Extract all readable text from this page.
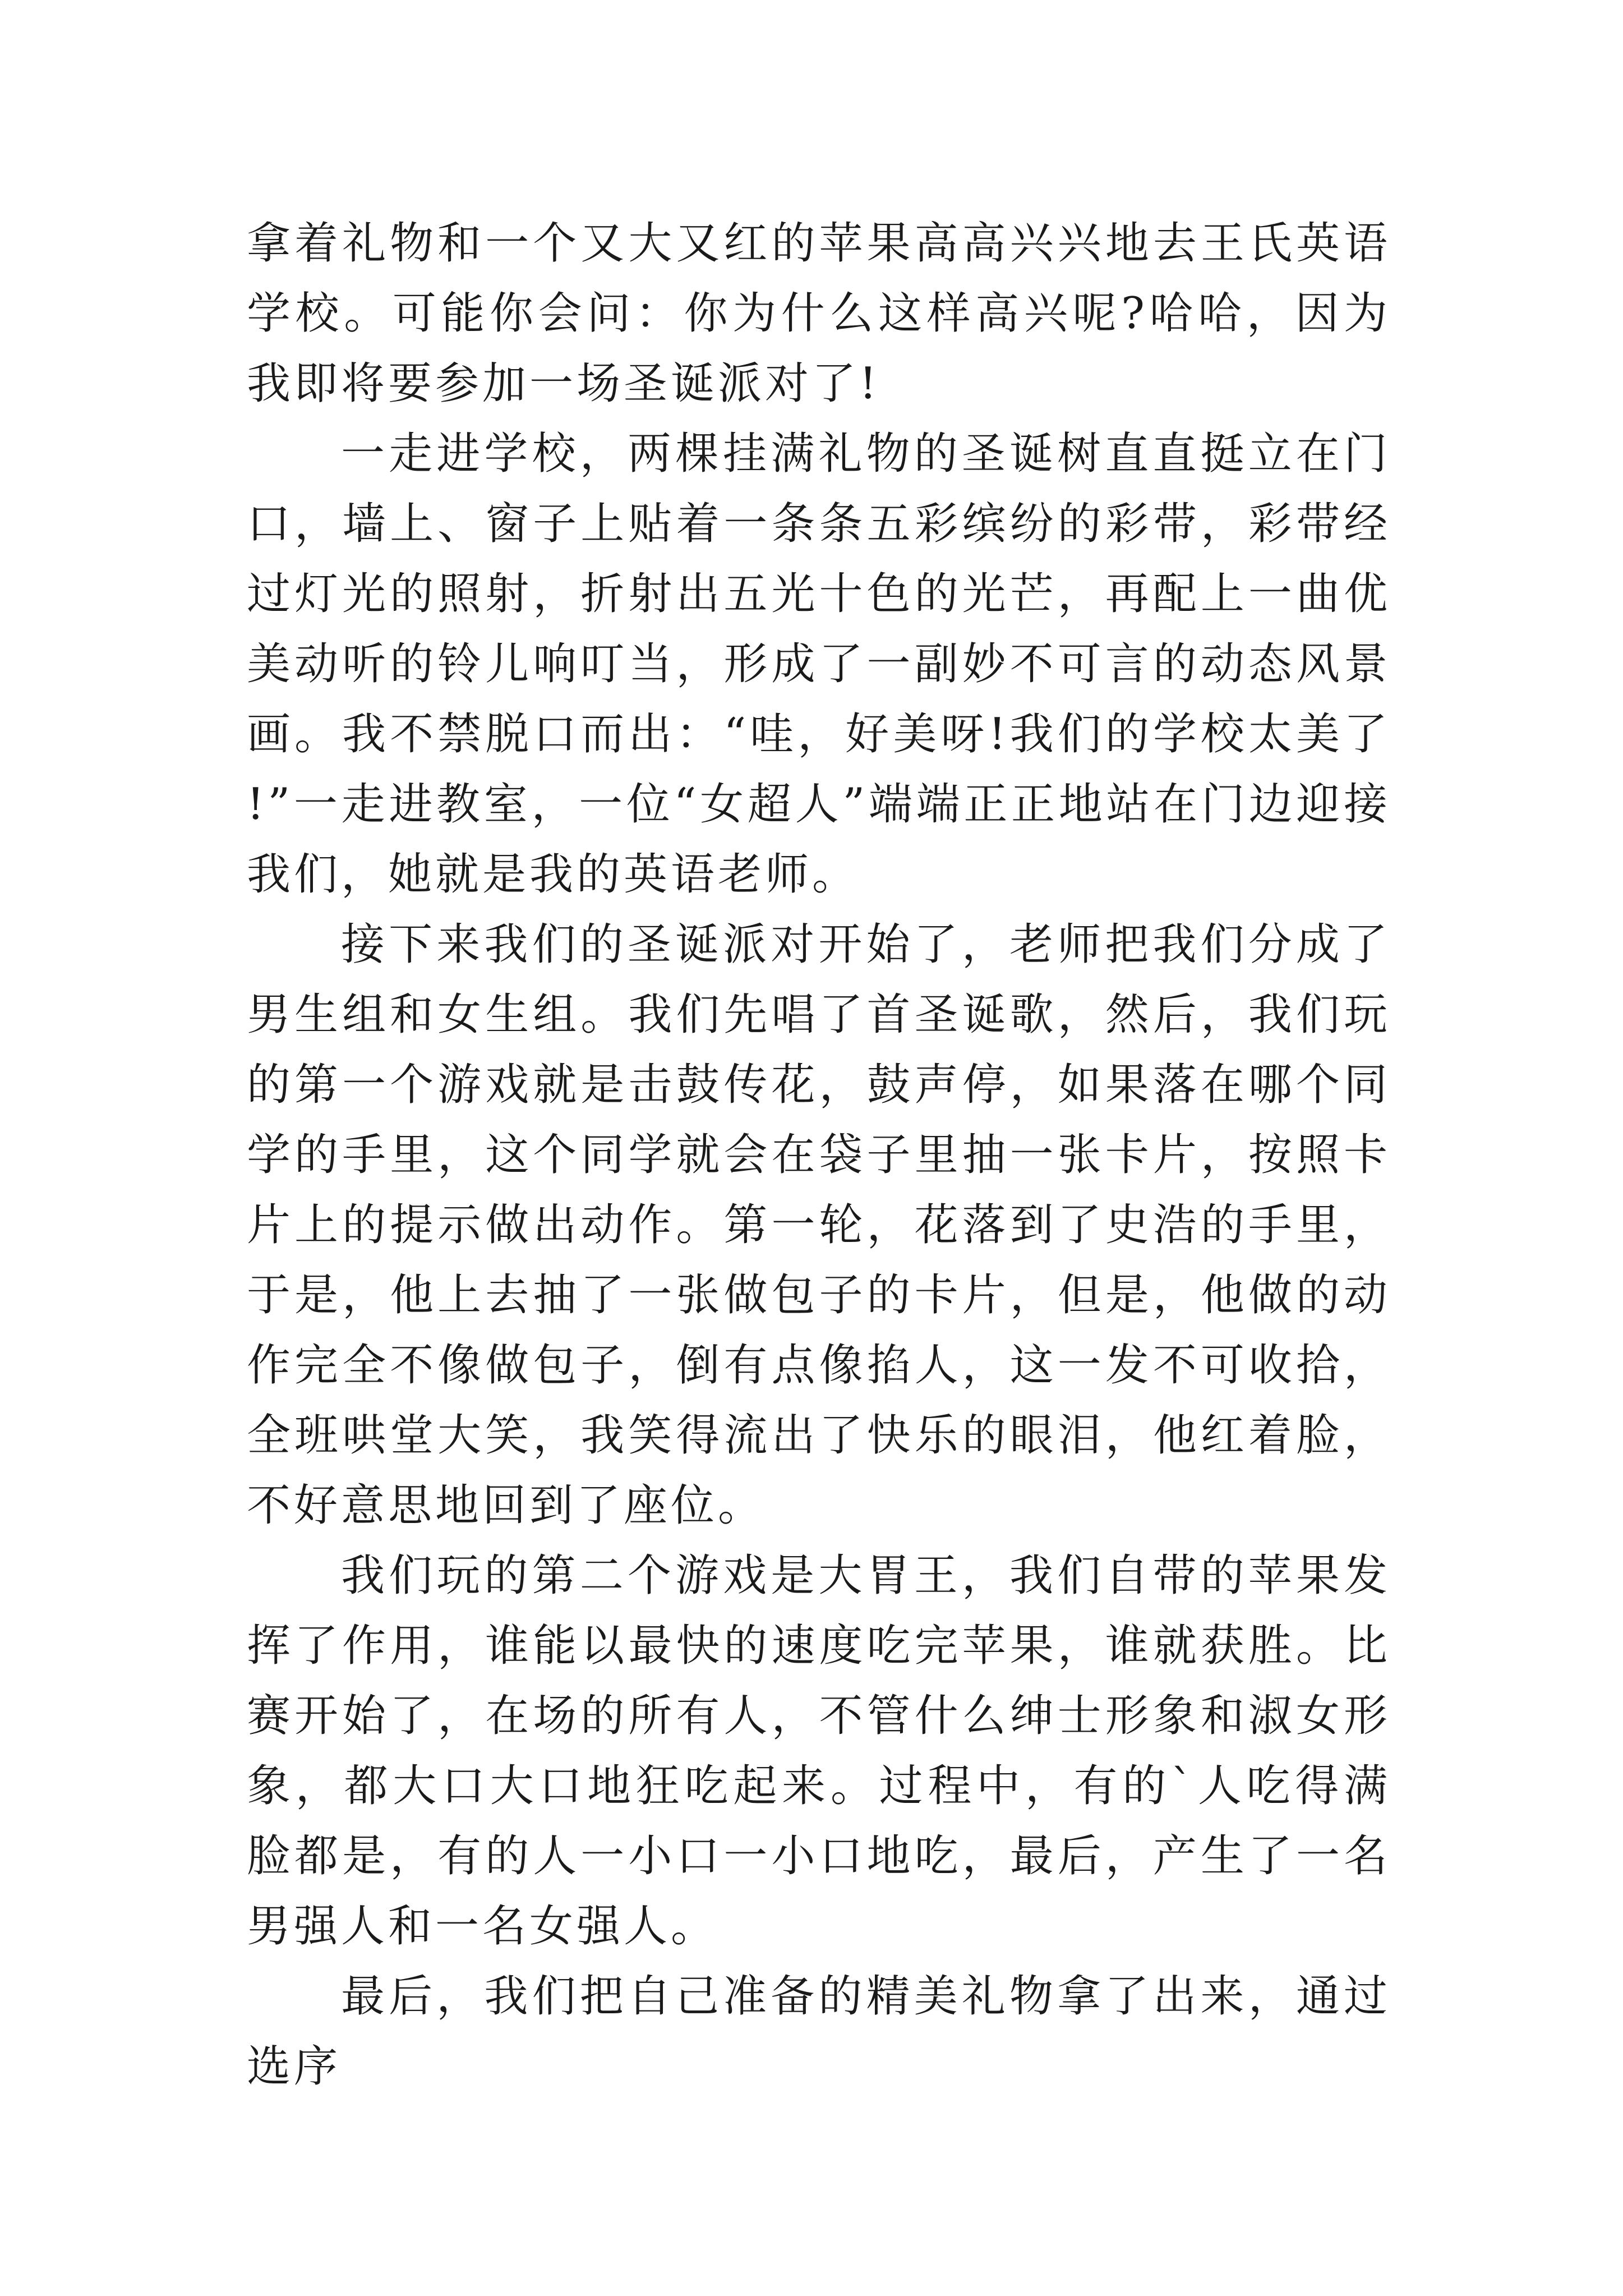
拿着礼物和一个又大又红的苹果高高兴兴地去王氏英语学校。可能你会问：你为什么这样高兴呢?哈哈，因为我即将要参加一场圣诞派对了!

一走进学校，两棵挂满礼物的圣诞树直直挺立在门口，墙上、窗子上贴着一条条五彩缤纷的彩带，彩带经过灯光的照射，折射出五光十色的光芒，再配上一曲优美动听的铃儿响叮当，形成了一副妙不可言的动态风景画。我不禁脱口而出：“哇，好美呀!我们的学校太美了!”一走进教室，一位“女超人”端端正正地站在门边迎接我们，她就是我的英语老师。

接下来我们的圣诞派对开始了，老师把我们分成了男生组和女生组。我们先唱了首圣诞歌，然后，我们玩的第一个游戏就是击鼓传花，鼓声停，如果落在哪个同学的手里，这个同学就会在袋子里抽一张卡片，按照卡片上的提示做出动作。第一轮，花落到了史浩的手里，于是，他上去抽了一张做包子的卡片，但是，他做的动作完全不像做包子，倒有点像掐人，这一发不可收拾，全班哄堂大笑，我笑得流出了快乐的眼泪，他红着脸，不好意思地回到了座位。

我们玩的第二个游戏是大胃王，我们自带的苹果发挥了作用，谁能以最快的速度吃完苹果，谁就获胜。比赛开始了，在场的所有人，不管什么绅士形象和淑女形象，都大口大口地狂吃起来。过程中，有的`人吃得满脸都是，有的人一小口一小口地吃，最后，产生了一名男强人和一名女强人。

最后，我们把自己准备的精美礼物拿了出来，通过选序
